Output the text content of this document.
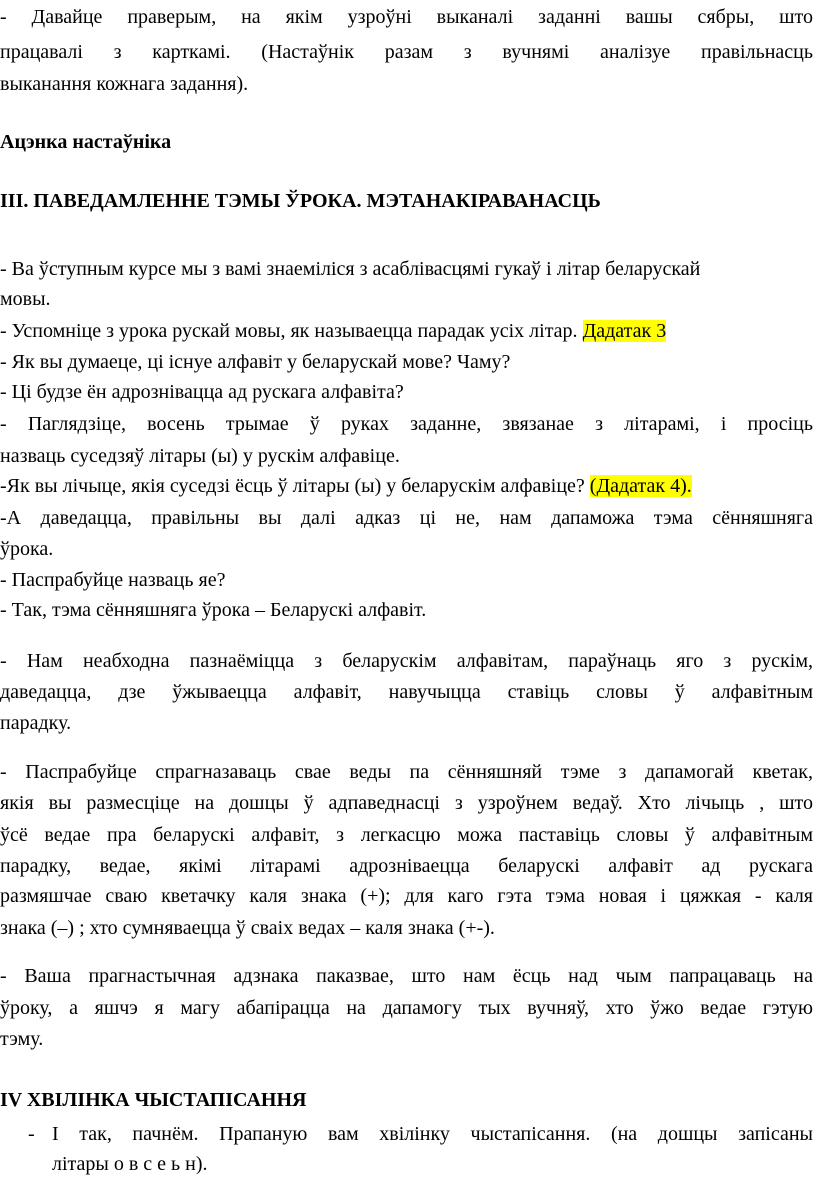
- Давайце праверым, на якім узроўні выканалі заданні вашы сябры, што
працавалі з карткамі. (Настаўнік разам з вучнямі аналізуе правільнасць
выканання кожнага задання).
Ацэнка настаўніка
III. ПАВЕДАМЛЕННЕ ТЭМЫ ЎРОКА. МЭТАНАКІРАВАНАСЦЬ
- Ва ўступным курсе мы з вамі знаеміліся з асаблівасцямі гукаў і літар беларускай
мовы.
- Успомніце з урока рускай мовы, як называецца парадак усіх літар. Дадатак 3
- Як вы думаеце, ці існуе алфавіт у беларускай мове? Чаму?
- Ці будзе ён адрознівацца ад рускага алфавіта?
- Паглядзіце, восень трымае ў руках заданне, звязанае з літарамі, і просіць
назваць суседзяў літары (ы) у рускім алфавіце.
-Як вы лічыце, якія суседзі ёсць ў літары (ы) у беларускім алфавіце? (Дадатак 4).
-А даведацца, правільны вы далі адказ ці не, нам дапаможа тэма сённяшняга
ўрока.
- Паспрабуйце назваць яе?
- Так, тэма сённяшняга ўрока – Беларускі алфавіт.
- Нам неабходна пазнаёміцца з беларускім алфавітам, параўнаць яго з рускім,
даведацца, дзе ўжываецца алфавіт, навучыцца ставіць словы ў алфавітным
парадку.
- Паспрабуйце спрагназаваць свае веды па сённяшняй тэме з дапамогай кветак,
якія вы размесціце на дошцы ў адпаведнасці з узроўнем ведаў. Хто лічыць , што
ўсё ведае пра беларускі алфавіт, з легкасцю можа паставіць словы ў алфавітным
парадку, ведае, якімі літарамі адрозніваецца беларускі алфавіт ад рускага
размяшчае сваю кветачку каля знака (+); для каго гэта тэма новая і цяжкая - каля
знака (–) ; хто сумняваецца ў сваіх ведах – каля знака (+-).
- Ваша прагнастычная адзнака паказвае, што нам ёсць над чым папрацаваць на
ўроку, а яшчэ я магу абапірацца на дапамогу тых вучняў, хто ўжо ведае гэтую
тэму.
IV ХВІЛІНКА ЧЫСТАПІСАННЯ
- І так, пачнём. Прапаную вам хвілінку чыстапісання. (на дошцы запісаны
літары о в с е ь н).
